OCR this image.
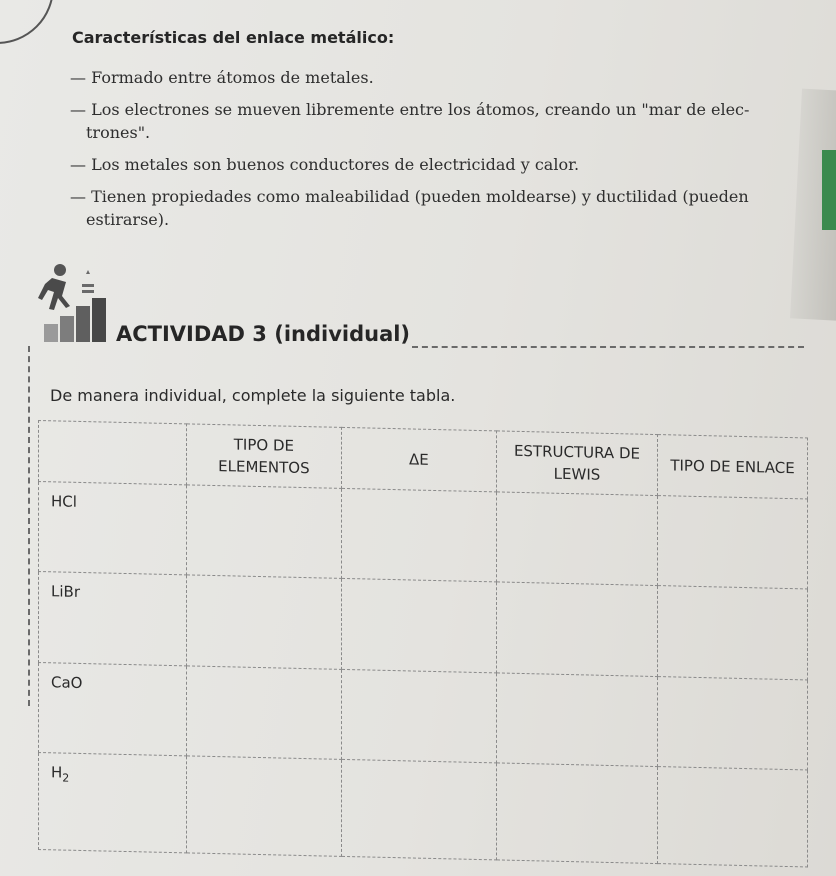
Características del enlace metálico:
— Formado entre átomos de metales.
— Los electrones se mueven libremente entre los átomos, creando un "mar de elec- trones".
— Los metales son buenos conductores de electricidad y calor.
— Tienen propiedades como maleabilidad (pueden moldearse) y ductilidad (pueden estirarse).
ACTIVIDAD 3 (individual)

De manera individual, complete la siguiente tabla.

	TIPO DE ELEMENTOS	ΔE	ESTRUCTURA DE LEWIS	TIPO DE ENLACE
HCl				
LiBr				
CaO				
$H_2$				
